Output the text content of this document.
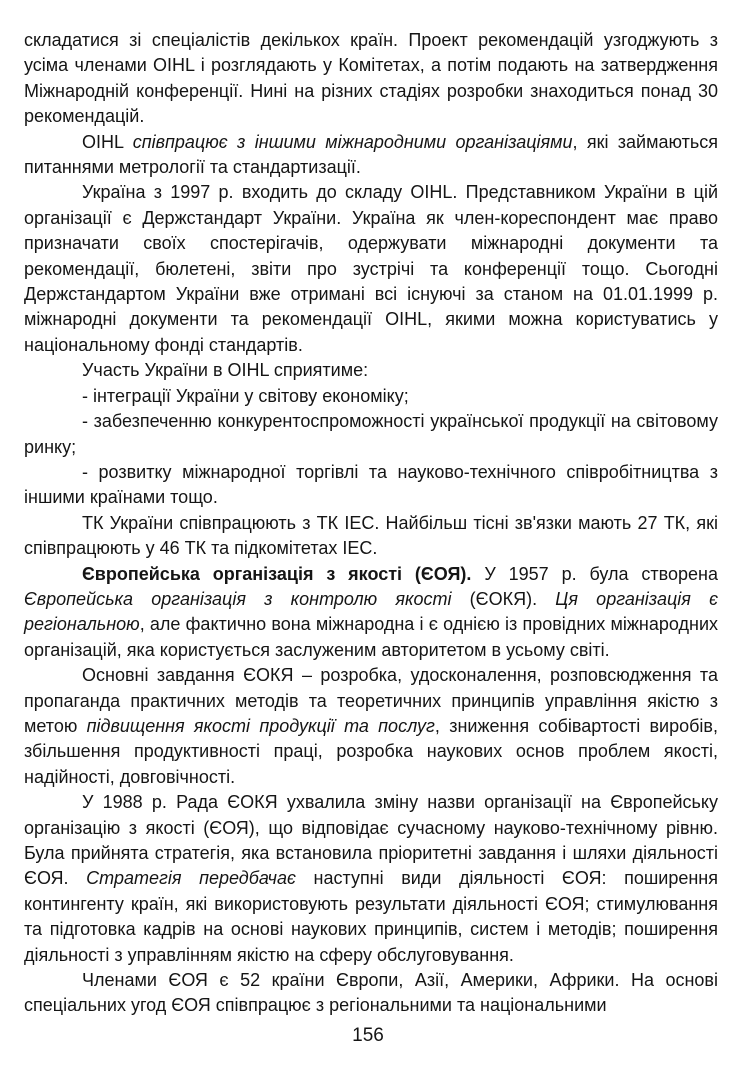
складатися зі спеціалістів декількох країн. Проект рекомендацій узгоджують з усіма членами OIHL і розглядають у Комітетах, а потім подають на затвердження Міжнародній конференції. Нині на різних стадіях розробки знаходиться понад 30 рекомендацій.

OIHL співпрацює з іншими міжнародними організаціями, які займаються питаннями метрології та стандартизації.

Україна з 1997 р. входить до складу OIHL. Представником України в цій організації є Держстандарт України. Україна як член-кореспондент має право призначати своїх спостерігачів, одержувати міжнародні документи та рекомендації, бюлетені, звіти про зустрічі та конференції тощо. Сьогодні Держстандартом України вже отримані всі існуючі за станом на 01.01.1999 р. міжнародні документи та рекомендації OIHL, якими можна користуватись у національному фонді стандартів.

Участь України в OIHL сприятиме:

- інтеграції України у світову економіку;

- забезпеченню конкурентоспроможності української продукції на світовому ринку;

- розвитку міжнародної торгівлі та науково-технічного співробітництва з іншими країнами тощо.

ТК України співпрацюють з ТК IEC. Найбільш тісні зв'язки мають 27 ТК, які співпрацюють у 46 ТК та підкомітетах IEC.

Європейська організація з якості (ЄОЯ). У 1957 р. була створена Європейська організація з контролю якості (ЄОКЯ). Ця організація є регіональною, але фактично вона міжнародна і є однією із провідних міжнародних організацій, яка користується заслуженим авторитетом в усьому світі.

Основні завдання ЄОКЯ – розробка, удосконалення, розповсюдження та пропаганда практичних методів та теоретичних принципів управління якістю з метою підвищення якості продукції та послуг, зниження собівартості виробів, збільшення продуктивності праці, розробка наукових основ проблем якості, надійності, довговічності.

У 1988 р. Рада ЄОКЯ ухвалила зміну назви організації на Європейську організацію з якості (ЄОЯ), що відповідає сучасному науково-технічному рівню. Була прийнята стратегія, яка встановила пріоритетні завдання і шляхи діяльності ЄОЯ. Стратегія передбачає наступні види діяльності ЄОЯ: поширення контингенту країн, які використовують результати діяльності ЄОЯ; стимулювання та підготовка кадрів на основі наукових принципів, систем і методів; поширення діяльності з управлінням якістю на сферу обслуговування.

Членами ЄОЯ є 52 країни Європи, Азії, Америки, Африки. На основі спеціальних угод ЄОЯ співпрацює з регіональними та національними

156
